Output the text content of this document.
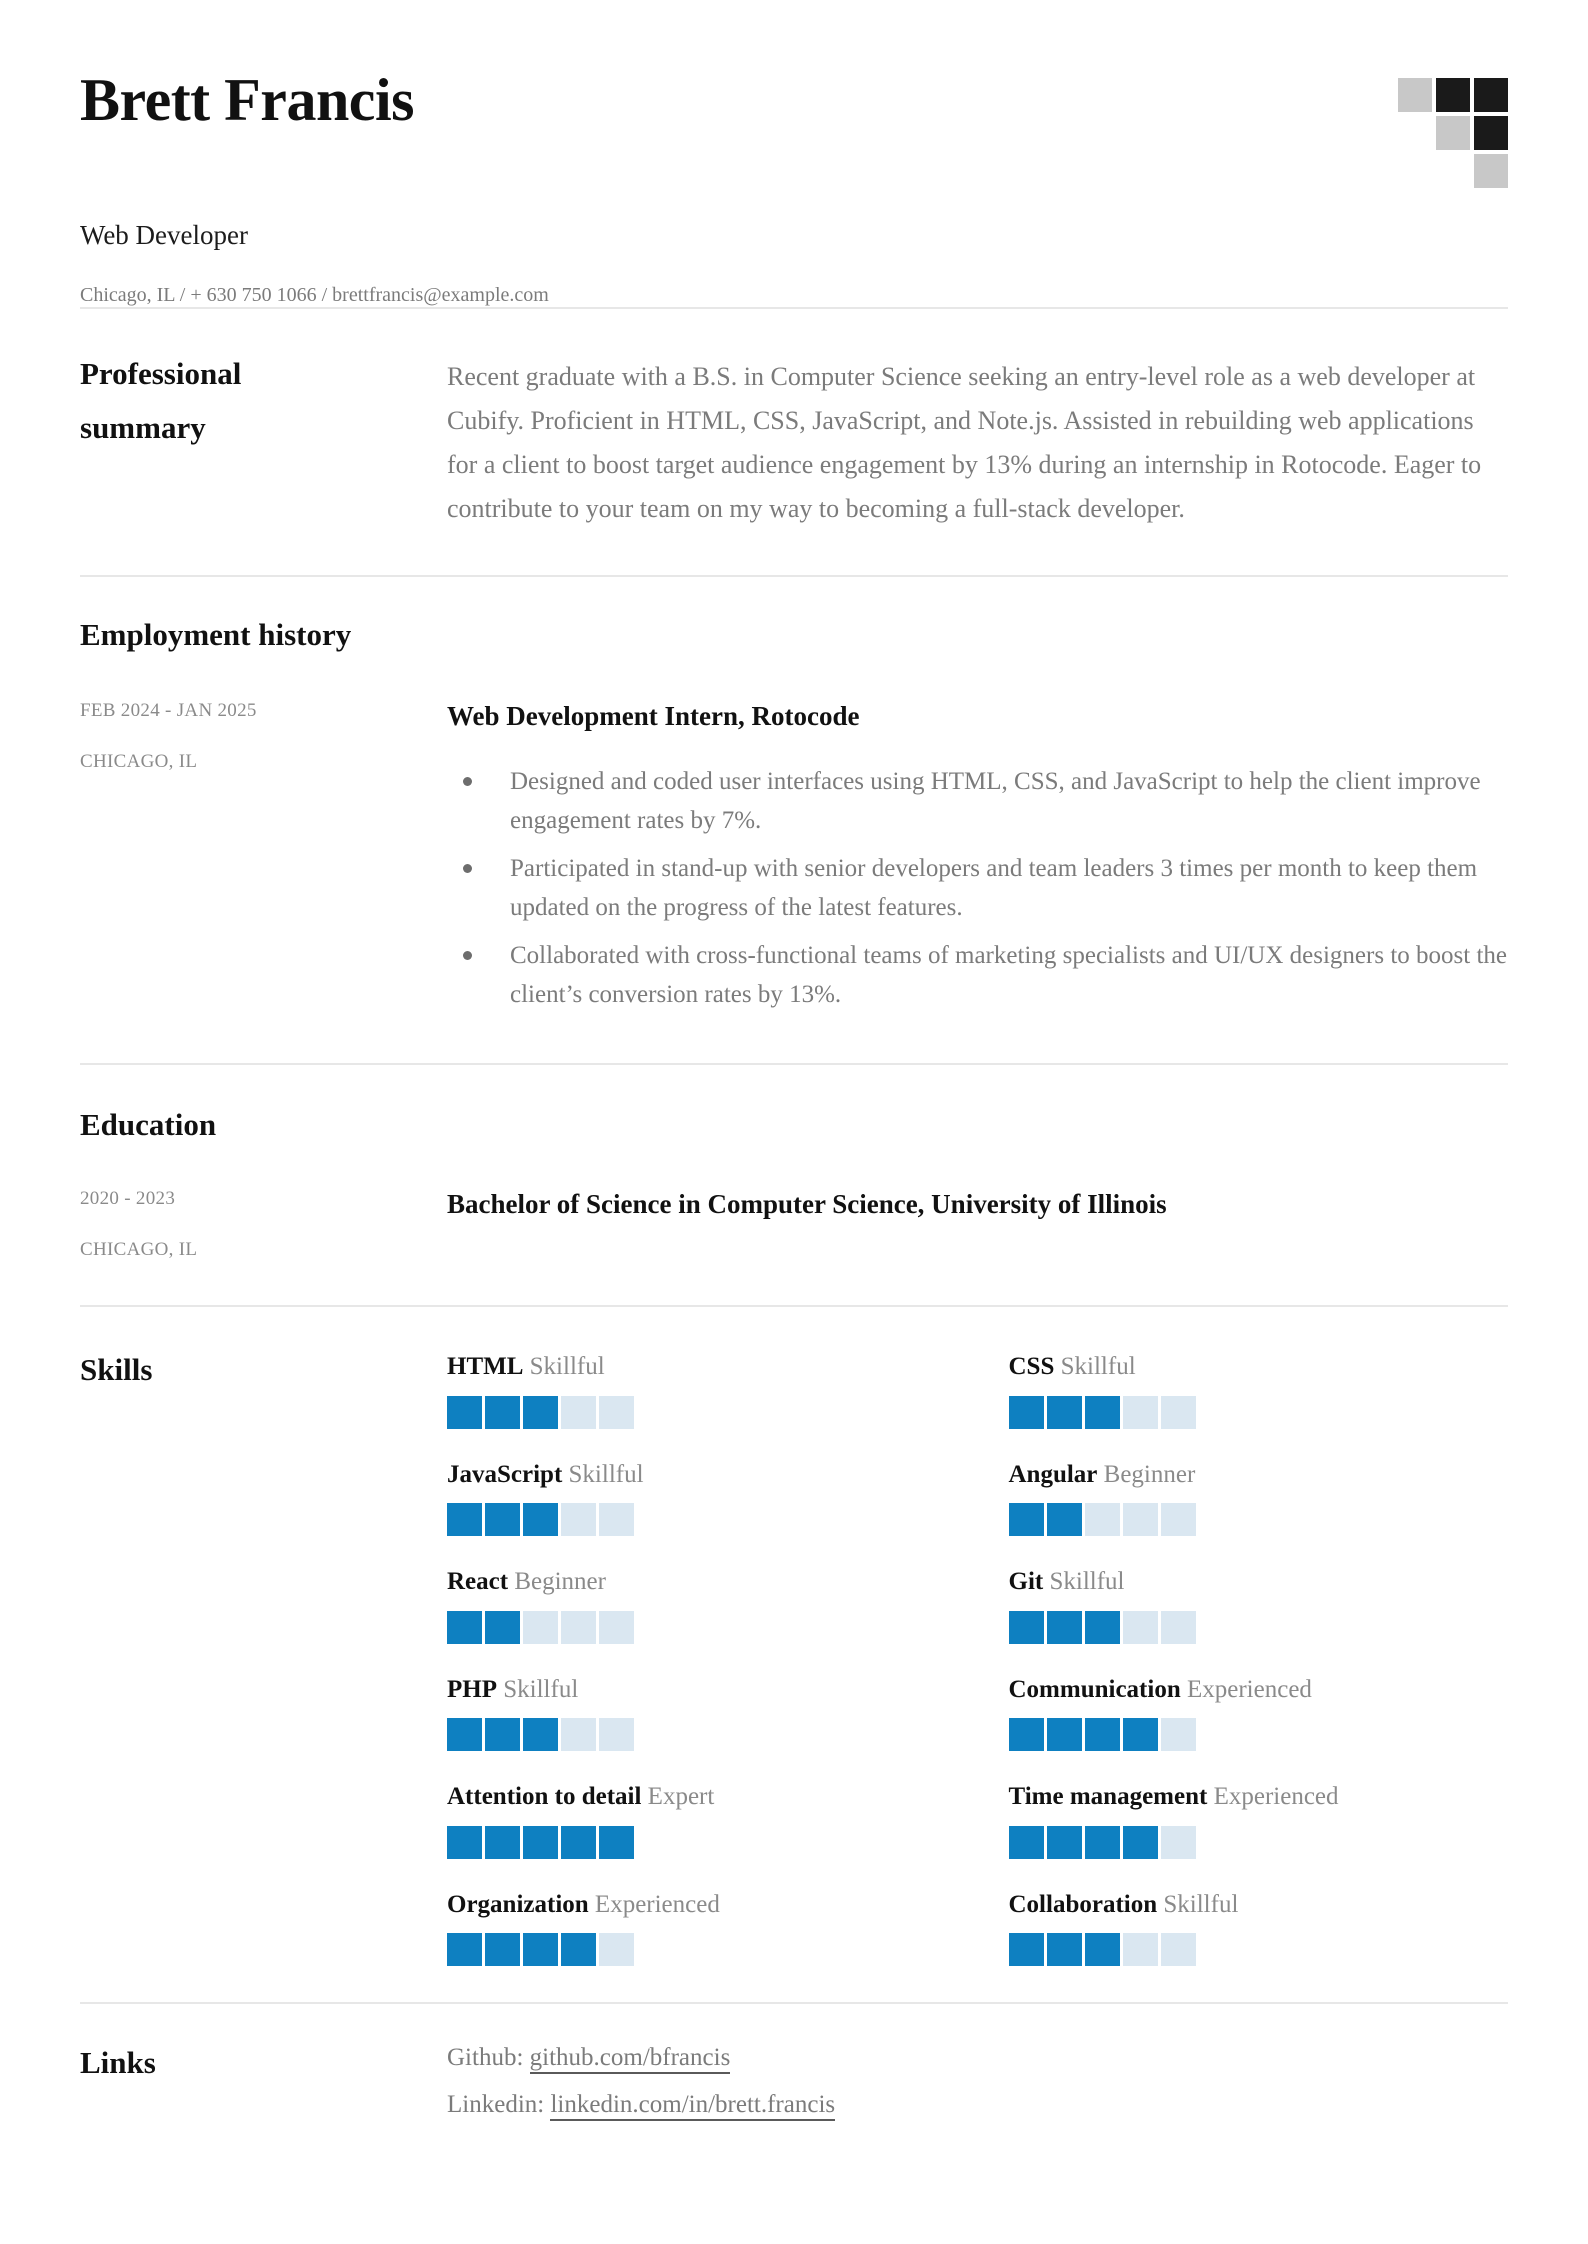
Brett Francis
Web Developer
Chicago, IL / + 630 750 1066 / brettfrancis@example.com
Professional summary

Recent graduate with a B.S. in Computer Science seeking an entry-level role as a web developer at Cubify. Proficient in HTML, CSS, JavaScript, and Note.js. Assisted in rebuilding web applications for a client to boost target audience engagement by 13% during an internship in Rotocode. Eager to contribute to your team on my way to becoming a full-stack developer.

Employment history
FEB 2024 - JAN 2025
CHICAGO, IL
Web Development Intern, Rotocode
Designed and coded user interfaces using HTML, CSS, and JavaScript to help the client improve engagement rates by 7%.
Participated in stand-up with senior developers and team leaders 3 times per month to keep them updated on the progress of the latest features.
Collaborated with cross-functional teams of marketing specialists and UI/UX designers to boost the client’s conversion rates by 13%.
Education
2020 - 2023
CHICAGO, IL
Bachelor of Science in Computer Science, University of Illinois
Skills	HTML Skillful	CSS Skillful
JavaScript Skillful	Angular Beginner
React Beginner	Git Skillful
PHP Skillful	Communication Experienced
Attention to detail Expert	Time management Experienced
Organization Experienced	Collaboration Skillful
Links	Github: github.com/bfrancis
Linkedin: linkedin.com/in/brett.francis
